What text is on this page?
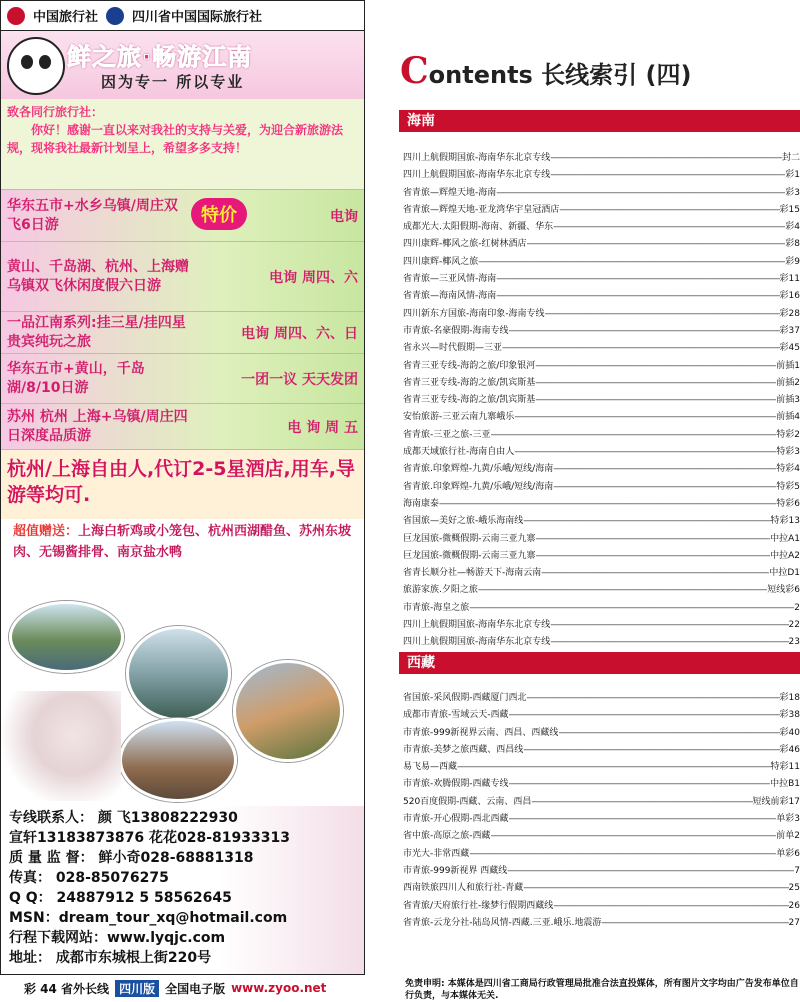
中国旅行社	四川省中国国际旅行社
鲜之旅·畅游江南
因为专一 所以专业
致各同行旅行社：
你好！感谢一直以来对我社的支持与关爱，为迎合新旅游法规，现将我社最新计划呈上，希望多多支持！
华东五市+水乡乌镇/周庄双飞6日游	特价	电询
黄山、千岛湖、杭州、上海赠乌镇双飞休闲度假六日游	电询 周四、六
一品江南系列:挂三星/挂四星贵宾纯玩之旅	电询 周四、六、日
华东五市+黄山，千岛湖/8/10日游	一团一议 天天发团
苏州 杭州 上海+乌镇/周庄四日深度品质游	电 询 周 五
杭州/上海自由人,代订2-5星酒店,用车,导游等均可.
超值赠送：上海白斩鸡或小笼包、杭州西湖醋鱼、苏州东坡肉、无锡酱排骨、南京盐水鸭
专线联系人： 颜 飞13808222930
宣轩13183873876 花花028-81933313
质 量 监 督： 鲜小奇028-68881318
传真： 028-85076275
Q Q： 24887912 5 58562645
MSN：dream_tour_xq@hotmail.com
行程下载网站：www.lyqjc.com
地址： 成都市东城根上街220号
彩 44 省外长线 四川版 全国电子版 www.zyoo.net
Contents 长线索引 (四)
海南
四川上航假期国旅-海南华东北京专线 -----	封二
四川上航假期国旅-海南华东北京专线 -----	彩1
省青旅—辉煌天地-海南 -----	彩3
省青旅—辉煌天地-亚龙湾华宇皇冠酒店 -----	彩15
成都光大.太阳假期-海南、新疆、华东 -----	彩4
四川康辉-椰风之旅-红树林酒店 -----	彩8
四川康辉-椰风之旅 -----	彩9
省青旅—三亚风情-海南 -----	彩11
省青旅—海南风情-海南 -----	彩16
四川新东方国旅-海南印象-海南专线 -----	彩28
市青旅-名豪假期-海南专线 -----	彩37
省永兴—时代假期—三亚 -----	彩45
省青三亚专线-海韵之旅/印象银河 -----	前插1
省青三亚专线-海韵之旅/凯宾斯基 -----	前插2
省青三亚专线-海韵之旅/凯宾斯基 -----	前插3
安怡旅游-三亚云南九寨峨乐 -----	前插4
省青旅-三亚之旅-三亚 -----	特彩2
成都天域旅行社-海南自由人 -----	特彩3
省青旅.印象辉煌-九黄/乐峨/短线/海南 -----	特彩4
省青旅.印象辉煌-九黄/乐峨/短线/海南 -----	特彩5
海南康泰 -----	特彩6
省国旅—美好之旅-峨乐海南线 -----	特彩13
巨龙国旅-微概假期-云南三亚九寨 -----	中拉A1
巨龙国旅-微概假期-云南三亚九寨 -----	中拉A2
省青长顺分社—畅游天下-海南云南 -----	中拉D1
旅游家族.夕阳之旅 -----	短线彩6
市青旅-海皇之旅 -----	2
四川上航假期国旅-海南华东北京专线 -----	22
四川上航假期国旅-海南华东北京专线 -----	23
西藏
省国旅-采风假期-西藏厦门西北 -----	彩18
成都市青旅-雪域云天-西藏 -----	彩38
市青旅-999新视界云南、西昌、西藏线 -----	彩40
市青旅-美梦之旅西藏、西昌线 -----	彩46
易飞易—西藏 -----	特彩11
市青旅-欢腾假期-西藏专线 -----	中拉B1
520百度假期-西藏、云南、西昌 -----	短线前彩17
市青旅-开心假期-西北西藏 -----	单彩3
省中旅-高原之旅-西藏 -----	前单2
市光大-非常西藏 -----	单彩6
市青旅-999新视界 西藏线 -----	7
西南铁旅四川人和旅行社-青藏 -----	25
省青旅/天府旅行社-缘梦行假期西藏线 -----	26
省青旅-云龙分社-陆岛风情-西藏.三亚.峨乐.地震游 -----	27
免责申明: 本媒体是四川省工商局行政管理局批准合法直投媒体，所有图片文字均由广告发布单位自行负责，与本媒体无关.
